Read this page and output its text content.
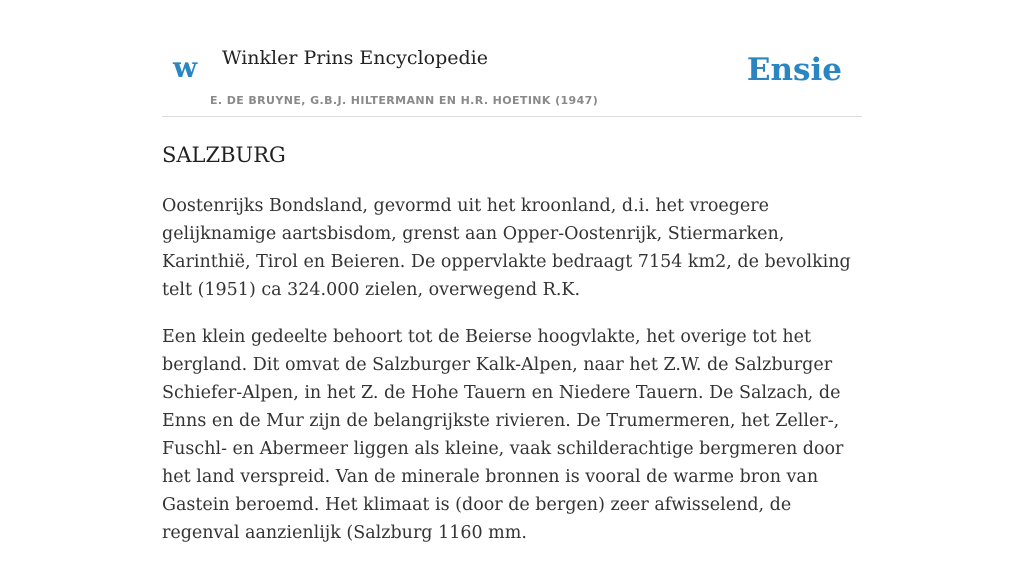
w Winkler Prins Encyclopedie
E. DE BRUYNE, G.B.J. HILTERMANN EN H.R. HOETINK (1947)
Ensie
SALZBURG

Oostenrijks Bondsland, gevormd uit het kroonland, d.i. het vroegere gelijknamige aartsbisdom, grenst aan Opper-Oostenrijk, Stiermarken, Karinthië, Tirol en Beieren. De oppervlakte bedraagt 7154 km2, de bevolking telt (1951) ca 324.000 zielen, overwegend R.K.

Een klein gedeelte behoort tot de Beierse hoogvlakte, het overige tot het bergland. Dit omvat de Salzburger Kalk-Alpen, naar het Z.W. de Salzburger Schiefer-Alpen, in het Z. de Hohe Tauern en Niedere Tauern. De Salzach, de Enns en de Mur zijn de belangrijkste rivieren. De Trumermeren, het Zeller-, Fuschl- en Abermeer liggen als kleine, vaak schilderachtige bergmeren door het land verspreid. Van de minerale bronnen is vooral de warme bron van Gastein beroemd. Het klimaat is (door de bergen) zeer afwisselend, de regenval aanzienlijk (Salzburg 1160 mm.
